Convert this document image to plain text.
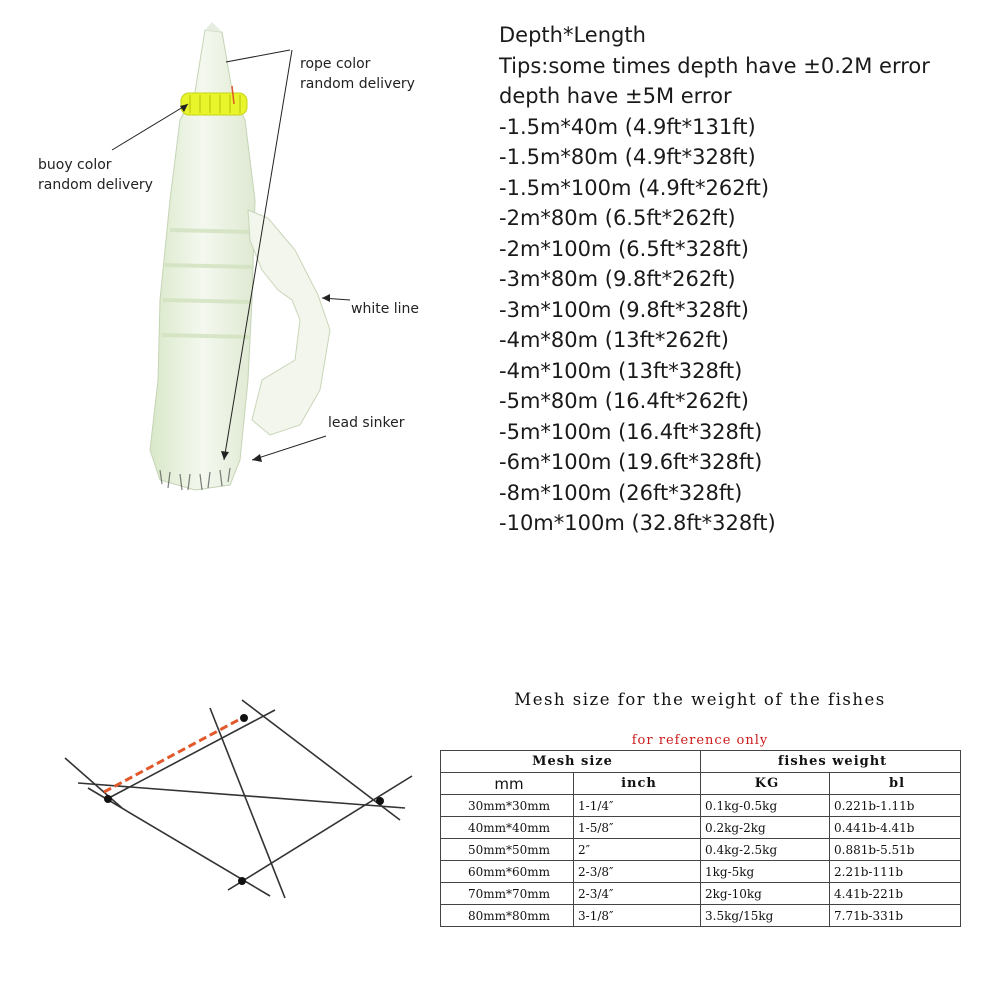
rope color
random delivery
buoy color
random delivery
white line
lead sinker
Depth*Length
Tips:some times depth have ±0.2M error
depth have ±5M error
-1.5m*40m (4.9ft*131ft)
-1.5m*80m (4.9ft*328ft)
-1.5m*100m (4.9ft*262ft)
-2m*80m (6.5ft*262ft)
-2m*100m (6.5ft*328ft)
-3m*80m (9.8ft*262ft)
-3m*100m (9.8ft*328ft)
-4m*80m (13ft*262ft)
-4m*100m (13ft*328ft)
-5m*80m (16.4ft*262ft)
-5m*100m (16.4ft*328ft)
-6m*100m (19.6ft*328ft)
-8m*100m (26ft*328ft)
-10m*100m (32.8ft*328ft)
Mesh size for the weight of the fishes
for reference only
Mesh size		fishes weight	
mm	inch	KG	bl
30mm*30mm	1-1/4″	0.1kg-0.5kg	0.221b-1.11b
40mm*40mm	1-5/8″	0.2kg-2kg	0.441b-4.41b
50mm*50mm	2″	0.4kg-2.5kg	0.881b-5.51b
60mm*60mm	2-3/8″	1kg-5kg	2.21b-111b
70mm*70mm	2-3/4″	2kg-10kg	4.41b-221b
80mm*80mm	3-1/8″	3.5kg/15kg	7.71b-331b
